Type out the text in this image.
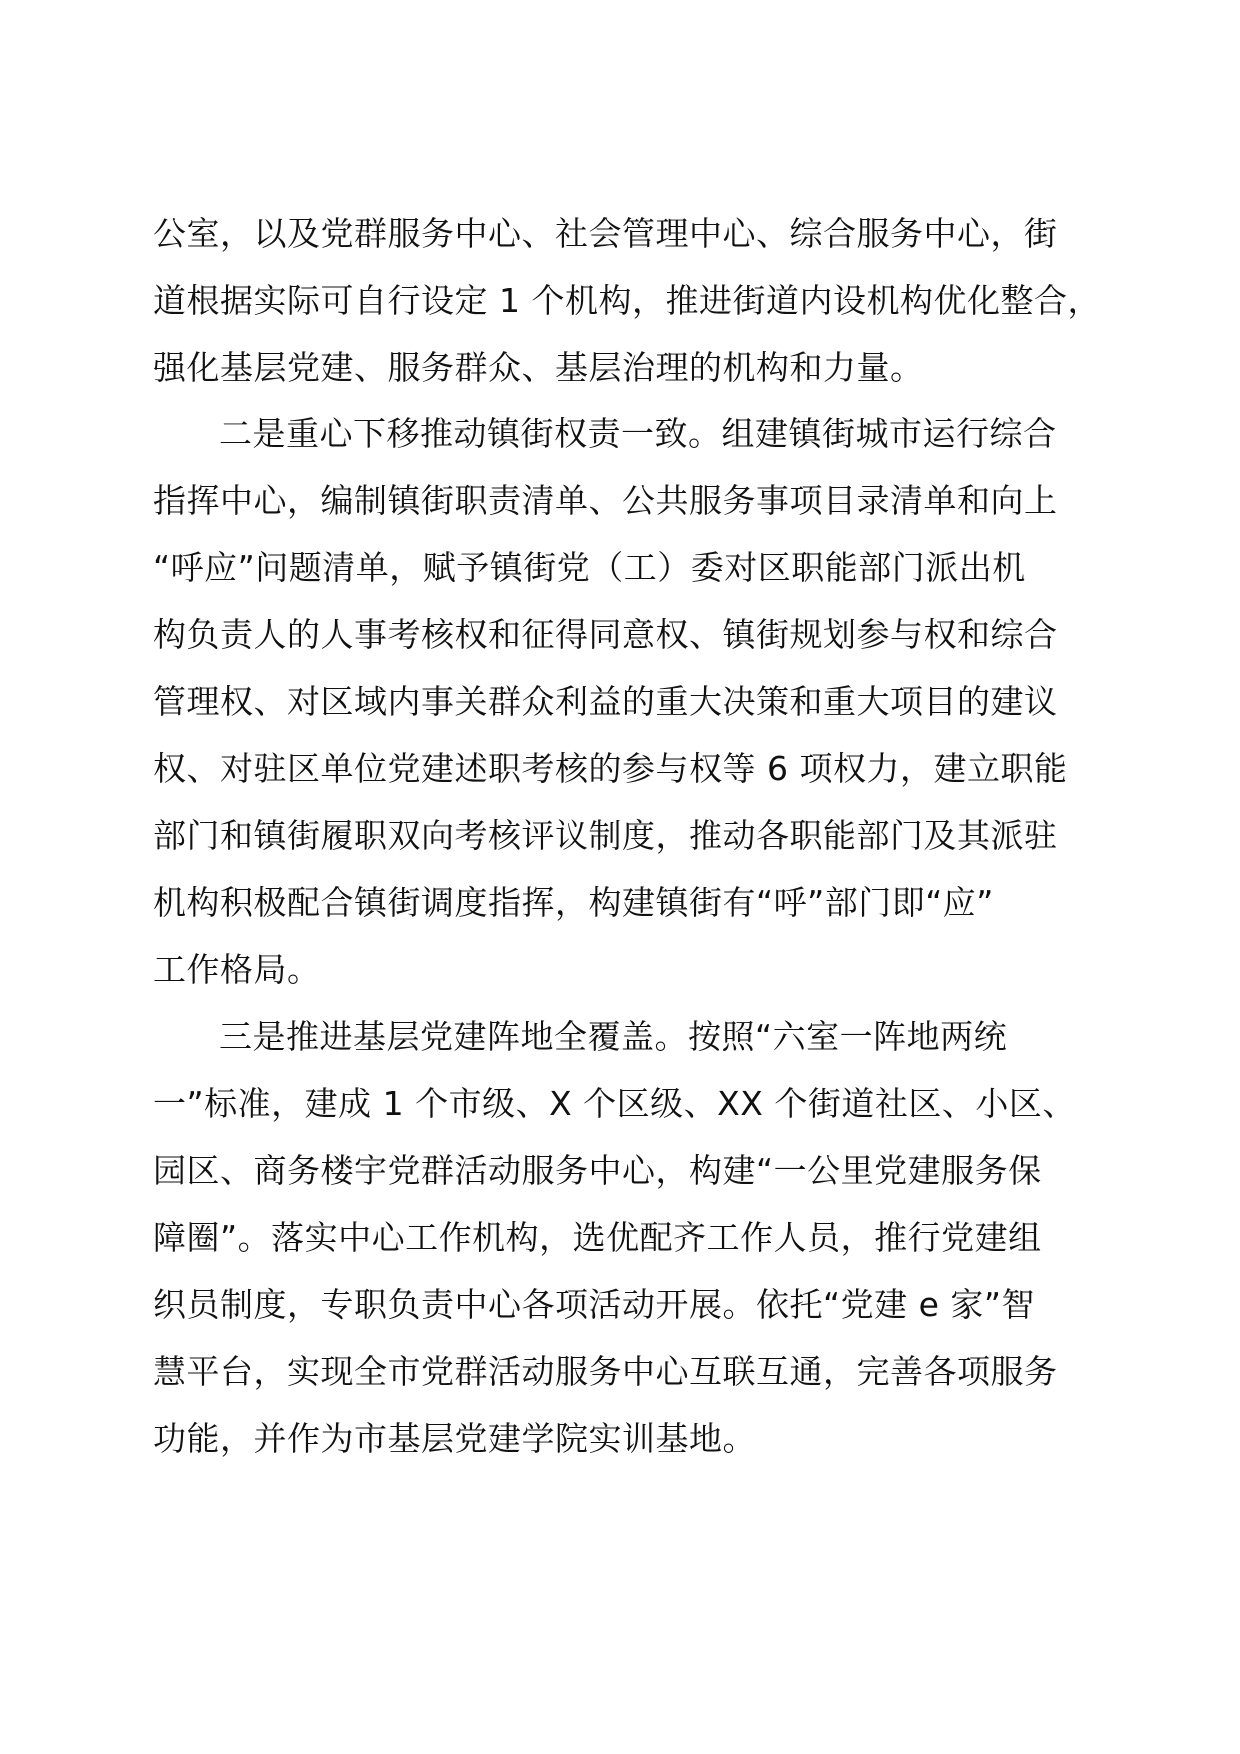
公室，以及党群服务中心、社会管理中心、综合服务中心，街
道根据实际可自行设定 1 个机构，推进街道内设机构优化整合，
强化基层党建、服务群众、基层治理的机构和力量。
二是重心下移推动镇街权责一致。组建镇街城市运行综合
指挥中心，编制镇街职责清单、公共服务事项目录清单和向上
“呼应”问题清单，赋予镇街党（工）委对区职能部门派出机
构负责人的人事考核权和征得同意权、镇街规划参与权和综合
管理权、对区域内事关群众利益的重大决策和重大项目的建议
权、对驻区单位党建述职考核的参与权等 6 项权力，建立职能
部门和镇街履职双向考核评议制度，推动各职能部门及其派驻
机构积极配合镇街调度指挥，构建镇街有“呼”部门即“应”
工作格局。
三是推进基层党建阵地全覆盖。按照“六室一阵地两统
一”标准，建成 1 个市级、X 个区级、XX 个街道社区、小区、
园区、商务楼宇党群活动服务中心，构建“一公里党建服务保
障圈”。落实中心工作机构，选优配齐工作人员，推行党建组
织员制度，专职负责中心各项活动开展。依托“党建 e 家”智
慧平台，实现全市党群活动服务中心互联互通，完善各项服务
功能，并作为市基层党建学院实训基地。
